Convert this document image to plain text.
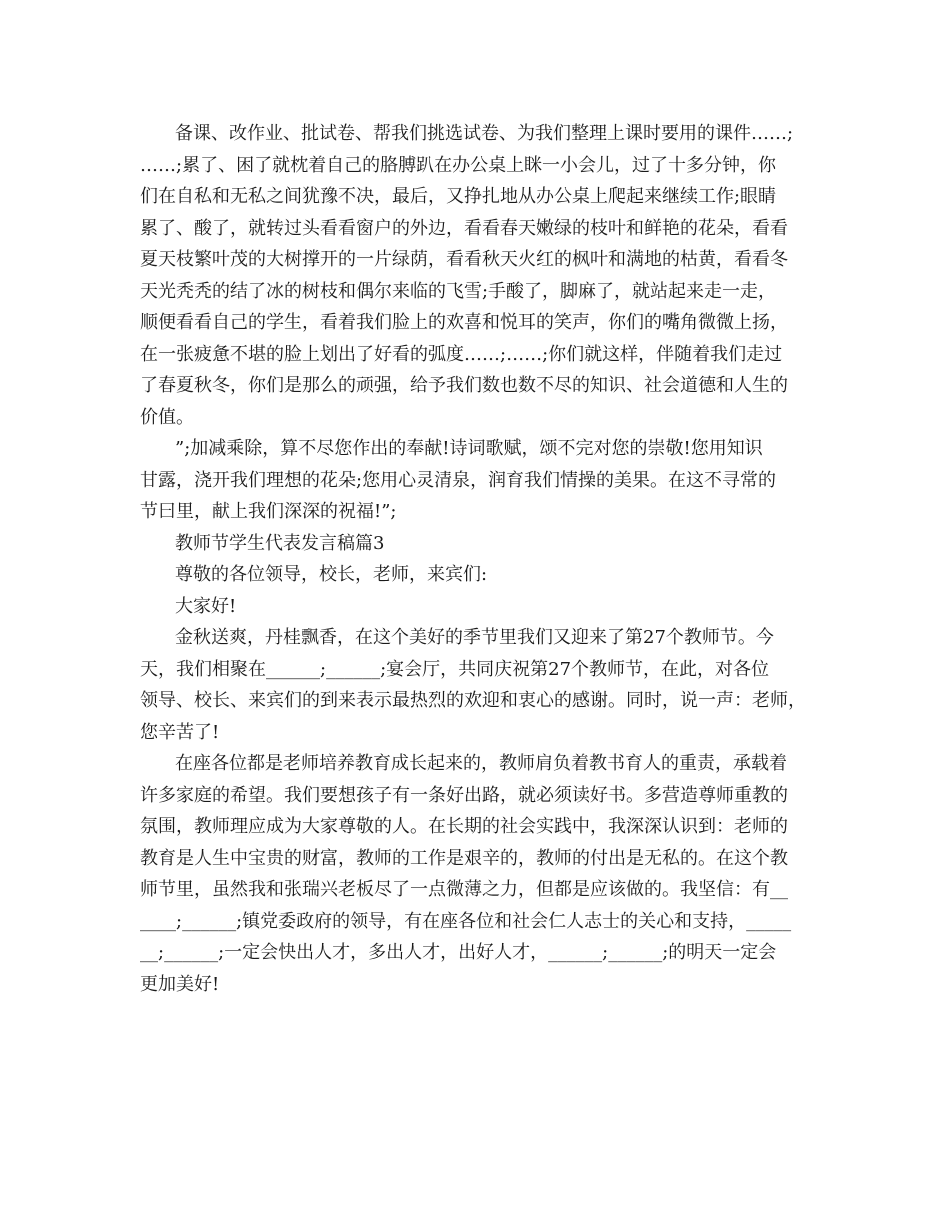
备课、改作业、批试卷、帮我们挑选试卷、为我们整理上课时要用的课件……;
……;累了、困了就枕着自己的胳膊趴在办公桌上眯一小会儿，过了十多分钟，你
们在自私和无私之间犹豫不决，最后，又挣扎地从办公桌上爬起来继续工作;眼睛
累了、酸了，就转过头看看窗户的外边，看看春天嫩绿的枝叶和鲜艳的花朵，看看
夏天枝繁叶茂的大树撑开的一片绿荫，看看秋天火红的枫叶和满地的枯黄，看看冬
天光秃秃的结了冰的树枝和偶尔来临的飞雪;手酸了，脚麻了，就站起来走一走，
顺便看看自己的学生，看着我们脸上的欢喜和悦耳的笑声，你们的嘴角微微上扬，
在一张疲惫不堪的脸上划出了好看的弧度……;……;你们就这样，伴随着我们走过
了春夏秋冬，你们是那么的顽强，给予我们数也数不尽的知识、社会道德和人生的
价值。
”;加减乘除，算不尽您作出的奉献!诗词歌赋，颂不完对您的崇敬!您用知识
甘露，浇开我们理想的花朵;您用心灵清泉，润育我们情操的美果。在这不寻常的
节曰里，献上我们深深的祝福!”;
教师节学生代表发言稿篇3
尊敬的各位领导，校长，老师，来宾们:
大家好!
金秋送爽，丹桂飘香，在这个美好的季节里我们又迎来了第27个教师节。今
天，我们相聚在______;______;宴会厅，共同庆祝第27个教师节，在此，对各位
领导、校长、来宾们的到来表示最热烈的欢迎和衷心的感谢。同时，说一声：老师，
您辛苦了!
在座各位都是老师培养教育成长起来的，教师肩负着教书育人的重责，承载着
许多家庭的希望。我们要想孩子有一条好出路，就必须读好书。多营造尊师重教的
氛围，教师理应成为大家尊敬的人。在长期的社会实践中，我深深认识到：老师的
教育是人生中宝贵的财富，教师的工作是艰辛的，教师的付出是无私的。在这个教
师节里，虽然我和张瑞兴老板尽了一点微薄之力，但都是应该做的。我坚信：有__
____;______;镇党委政府的领导，有在座各位和社会仁人志士的关心和支持，_____
__;______;一定会快出人才，多出人才，出好人才，______;______;的明天一定会
更加美好!
